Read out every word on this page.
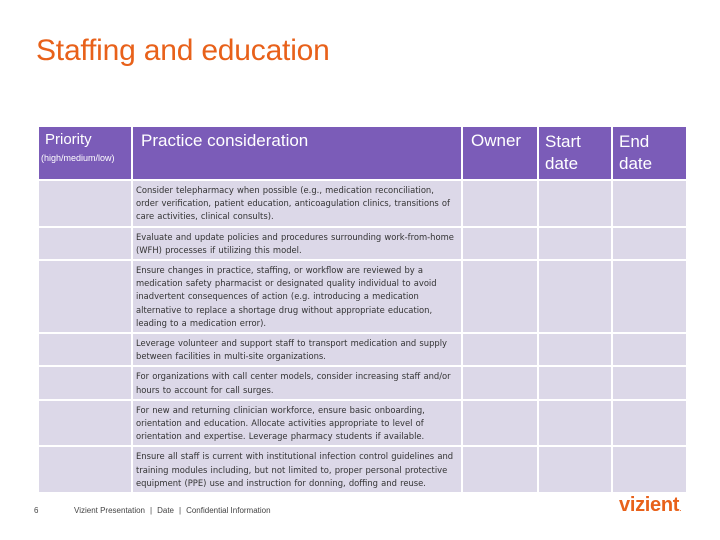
Staffing and education
Priority
(high/medium/low)	Practice consideration	Owner	Start date	End date
	Consider telepharmacy when possible (e.g., medication reconciliation, order verification, patient education, anticoagulation clinics, transitions of care activities, clinical consults).			
	Evaluate and update policies and procedures surrounding work-from-home (WFH) processes if utilizing this model.			
	Ensure changes in practice, staffing, or workflow are reviewed by a medication safety pharmacist or designated quality individual to avoid inadvertent consequences of action (e.g. introducing a medication alternative to replace a shortage drug without appropriate education, leading to a medication error).			
	Leverage volunteer and support staff to transport medication and supply between facilities in multi-site organizations.			
	For organizations with call center models, consider increasing staff and/or hours to account for call surges.			
	For new and returning clinician workforce, ensure basic onboarding, orientation and education. Allocate activities appropriate to level of orientation and expertise. Leverage pharmacy students if available.			
	Ensure all staff is current with institutional infection control guidelines and training modules including, but not limited to, proper personal protective equipment (PPE) use and instruction for donning, doffing and reuse.			
6	Vizient Presentation | Date | Confidential Information	vizient.
